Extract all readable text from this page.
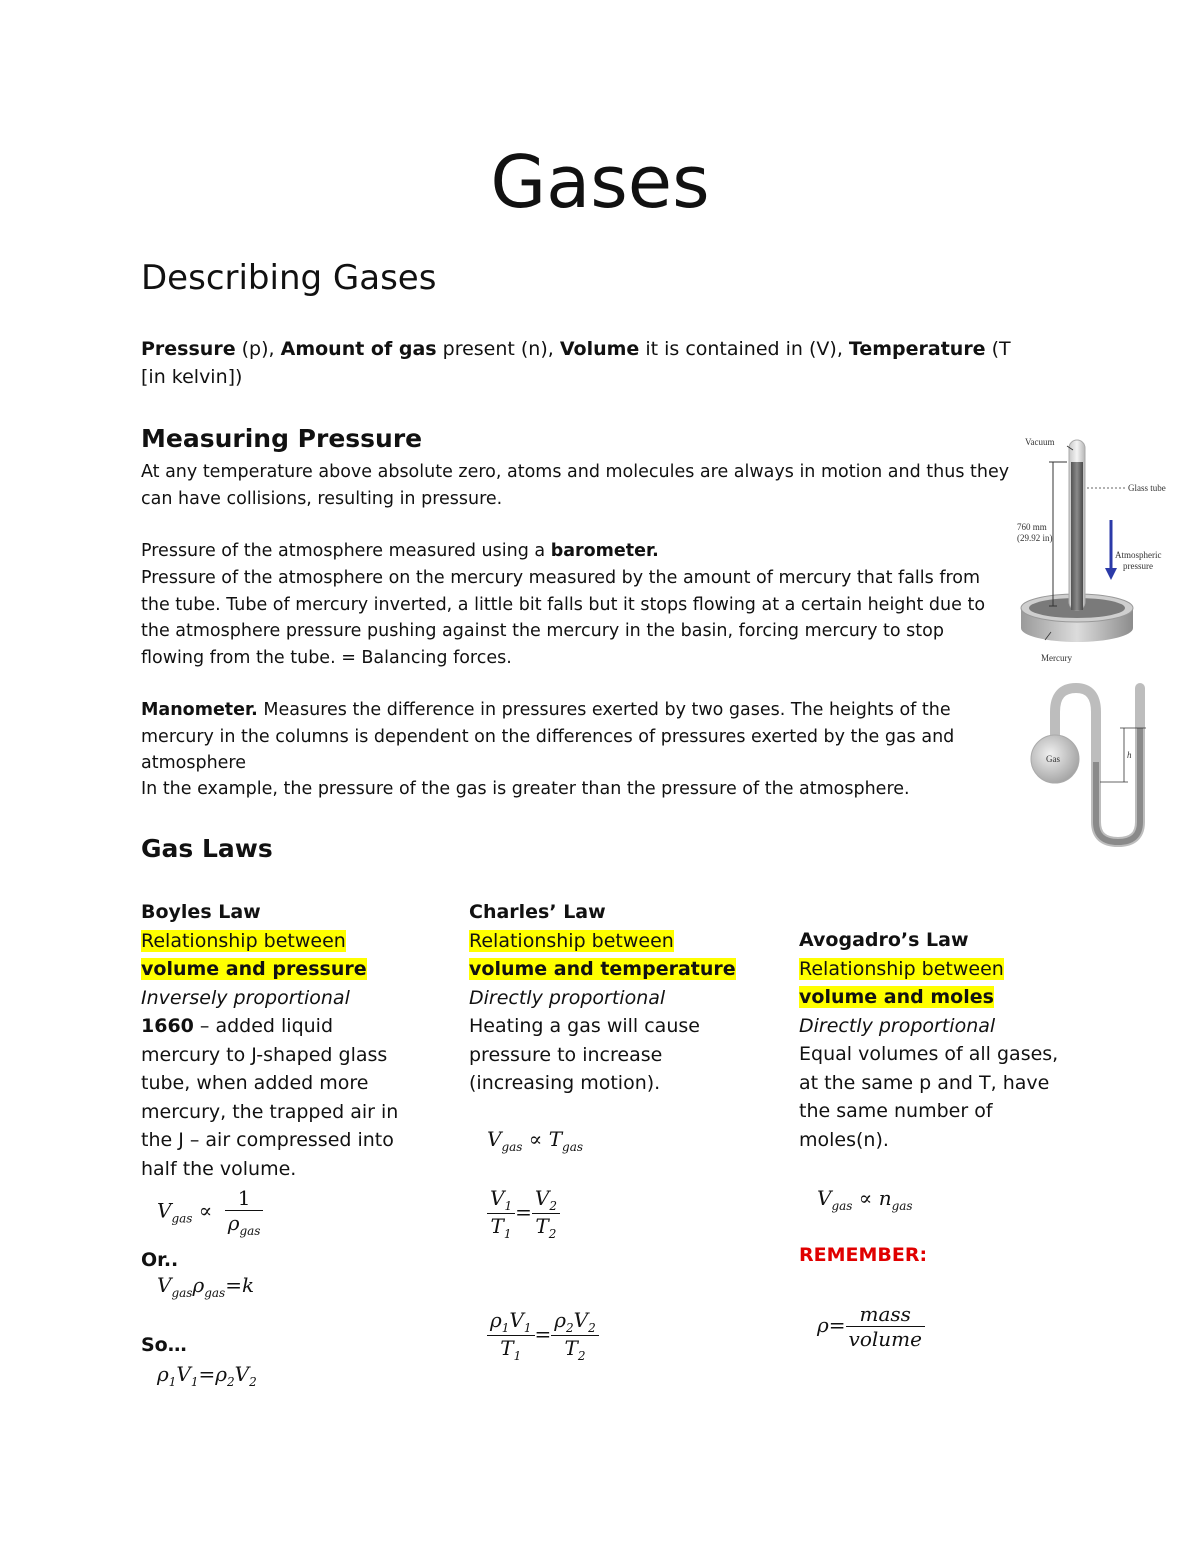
Gases
Describing Gases
Pressure (p), Amount of gas present (n), Volume it is contained in (V), Temperature (T [in kelvin])
Measuring Pressure
At any temperature above absolute zero, atoms and molecules are always in motion and thus they can have collisions, resulting in pressure.
Pressure of the atmosphere measured using a barometer.
Pressure of the atmosphere on the mercury measured by the amount of mercury that falls from the tube. Tube of mercury inverted, a little bit falls but it stops flowing at a certain height due to the atmosphere pressure pushing against the mercury in the basin, forcing mercury to stop flowing from the tube. = Balancing forces.
Manometer. Measures the difference in pressures exerted by two gases. The heights of the mercury in the columns is dependent on the differences of pressures exerted by the gas and atmosphere
In the example, the pressure of the gas is greater than the pressure of the atmosphere.
Vacuum
Glass tube
760 mm
(29.92 in)
Atmospheric
pressure
Mercury
Gas	h
Gas Laws
Boyles Law
Relationship between
volume and pressure
Inversely proportional
1660 – added liquid mercury to J-shaped glass tube, when added more mercury, the trapped air in the J – air compressed into half the volume.
$V_{gas} \propto \frac{1}{\rho_{gas}}$
Or..
$V_{gas}\rho_{gas}=k$
So…
$\rho_1V_1=\rho_2V_2$
Charles’ Law
Relationship between
volume and temperature
Directly proportional
Heating a gas will cause pressure to increase (increasing motion).
$V_{gas} \propto T_{gas}$
$\frac{V_1}{T_1} = \frac{V_2}{T_2}$
$\frac{\rho_1V_1}{T_1} = \frac{\rho_2V_2}{T_2}$
Avogadro’s Law
Relationship between
volume and moles
Directly proportional
Equal volumes of all gases, at the same p and T, have the same number of moles(n).
$V_{gas} \propto n_{gas}$
REMEMBER:
$\rho= \frac{\text{mass}}{\text{volume}}$
